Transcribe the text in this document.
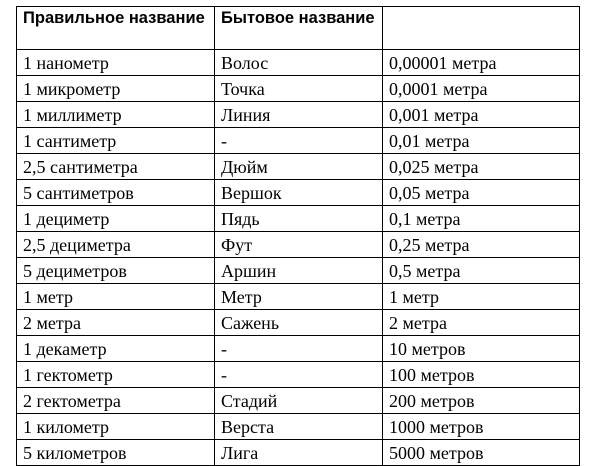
Правильное название	Бытовое название	
1 нанометр	Волос	0,00001 метра
1 микрометр	Точка	0,0001 метра
1 миллиметр	Линия	0,001 метра
1 сантиметр	-	0,01 метра
2,5 сантиметра	Дюйм	0,025 метра
5 сантиметров	Вершок	0,05 метра
1 дециметр	Пядь	0,1 метра
2,5 дециметра	Фут	0,25 метра
5 дециметров	Аршин	0,5 метра
1 метр	Метр	1 метр
2 метра	Сажень	2 метра
1 декаметр	-	10 метров
1 гектометр	-	100 метров
2 гектометра	Стадий	200 метров
1 километр	Верста	1000 метров
5 километров	Лига	5000 метров
